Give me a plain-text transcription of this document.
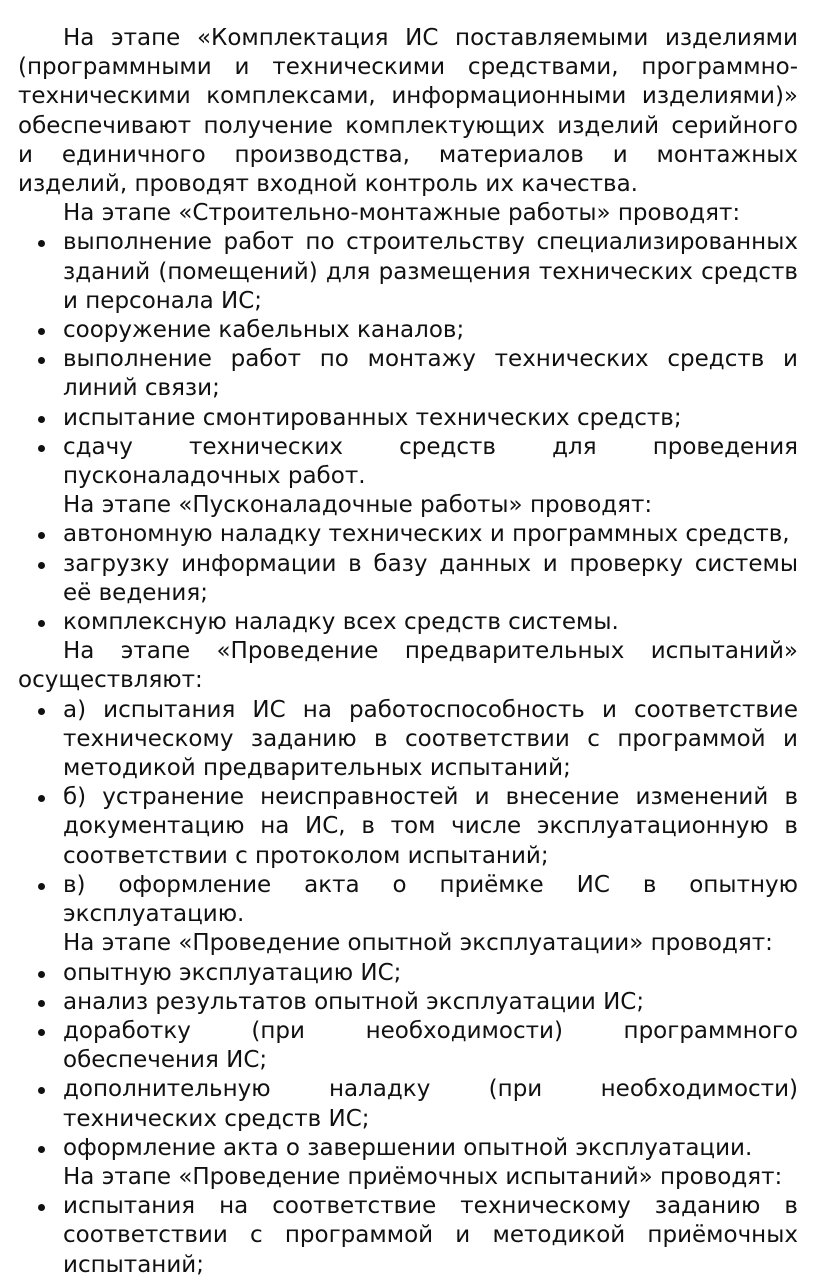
На этапе «Комплектация ИС поставляемыми изделиями (программными и техническими средствами, программно-техническими комплексами, информационными изделиями)» обеспечивают получение комплектующих изделий серийного и единичного производства, материалов и монтажных изделий, проводят входной контроль их качества.

На этапе «Строительно-монтажные работы» проводят:

выполнение работ по строительству специализированных зданий (помещений) для размещения технических средств и персонала ИС;
сооружение кабельных каналов;
выполнение работ по монтажу технических средств и линий связи;
испытание смонтированных технических средств;
сдачу технических средств для проведения пусконаладочных работ.

На этапе «Пусконаладочные работы» проводят:

автономную наладку технических и программных средств,
загрузку информации в базу данных и проверку системы её ведения;
комплексную наладку всех средств системы.

На этапе «Проведение предварительных испытаний» осуществляют:

а) испытания ИС на работоспособность и соответствие техническому заданию в соответствии с программой и методикой предварительных испытаний;
б) устранение неисправностей и внесение изменений в документацию на ИС, в том числе эксплуатационную в соответствии с протоколом испытаний;
в) оформление акта о приёмке ИС в опытную эксплуатацию.

На этапе «Проведение опытной эксплуатации» проводят:

опытную эксплуатацию ИС;
анализ результатов опытной эксплуатации ИС;
доработку (при необходимости) программного обеспечения ИС;
дополнительную наладку (при необходимости) технических средств ИС;
оформление акта о завершении опытной эксплуатации.

На этапе «Проведение приёмочных испытаний» проводят:

испытания на соответствие техническому заданию в соответствии с программой и методикой приёмочных испытаний;
